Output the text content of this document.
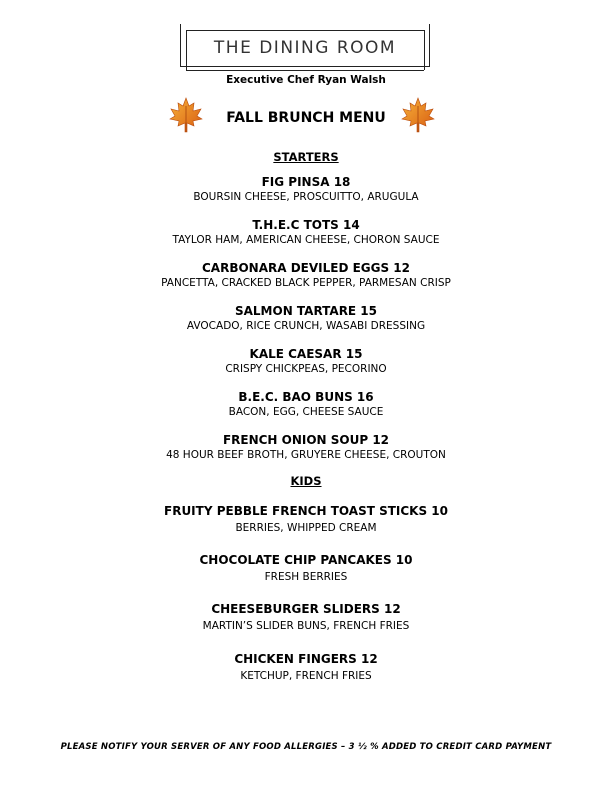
THE DINING ROOM
Executive Chef Ryan Walsh
FALL BRUNCH MENU
STARTERS
FIG PINSA 18
BOURSIN CHEESE, PROSCUITTO, ARUGULA
T.H.E.C TOTS 14
TAYLOR HAM, AMERICAN CHEESE, CHORON SAUCE
CARBONARA DEVILED EGGS 12
PANCETTA, CRACKED BLACK PEPPER, PARMESAN CRISP
SALMON TARTARE 15
AVOCADO, RICE CRUNCH, WASABI DRESSING
KALE CAESAR 15
CRISPY CHICKPEAS, PECORINO
B.E.C. BAO BUNS 16
BACON, EGG, CHEESE SAUCE
FRENCH ONION SOUP 12
48 HOUR BEEF BROTH, GRUYERE CHEESE, CROUTON
KIDS
FRUITY PEBBLE FRENCH TOAST STICKS 10
BERRIES, WHIPPED CREAM
CHOCOLATE CHIP PANCAKES 10
FRESH BERRIES
CHEESEBURGER SLIDERS 12
MARTIN’S SLIDER BUNS, FRENCH FRIES
CHICKEN FINGERS 12
KETCHUP, FRENCH FRIES
PLEASE NOTIFY YOUR SERVER OF ANY FOOD ALLERGIES – 3 ½ % ADDED TO CREDIT CARD PAYMENT
